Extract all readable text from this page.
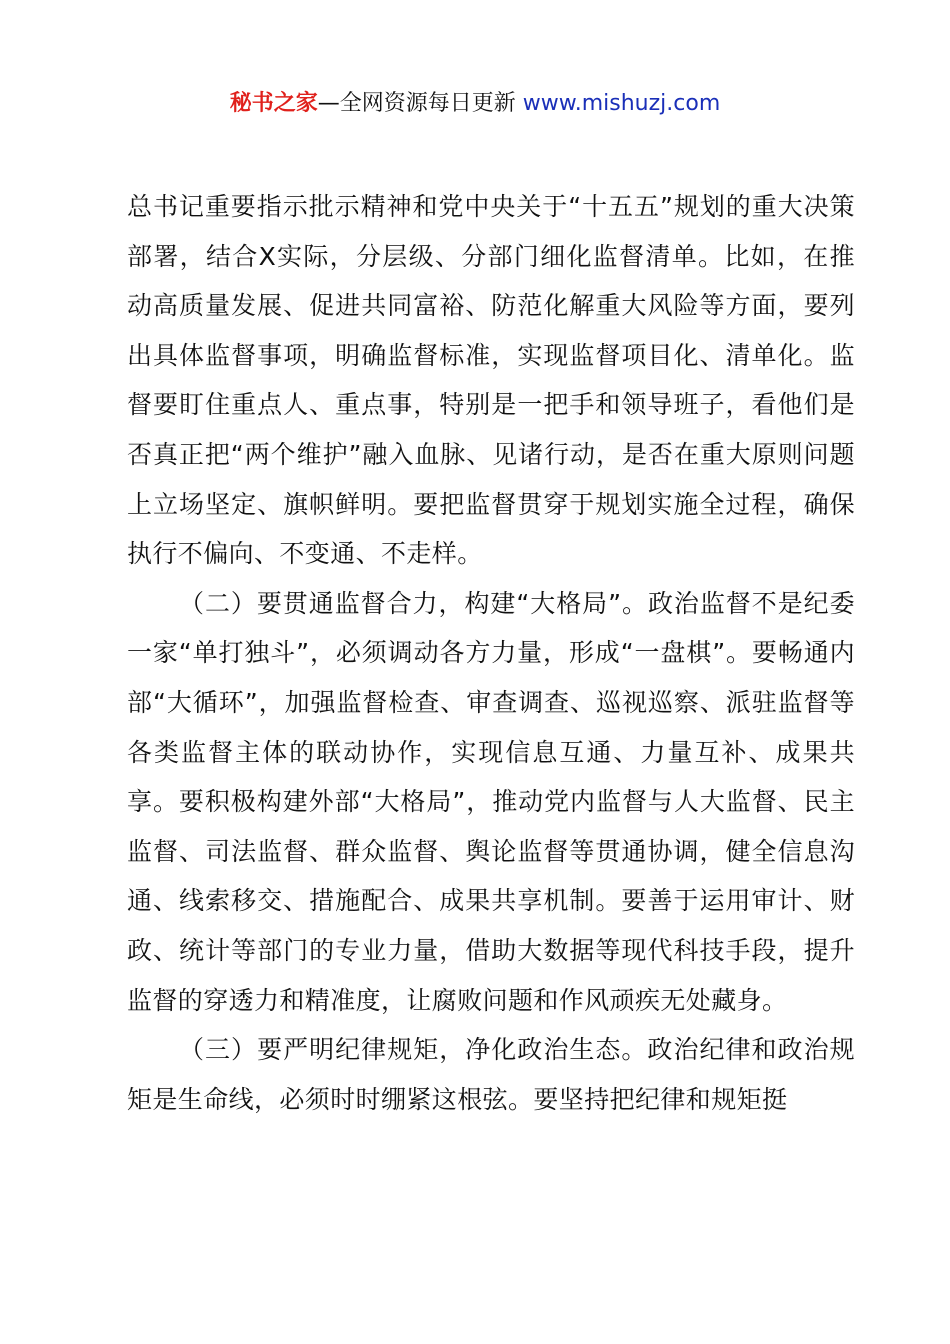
秘书之家—全网资源每日更新 www.mishuzj.com

总书记重要指示批示精神和党中央关于“十五五”规划的重大决策部署，结合X实际，分层级、分部门细化监督清单。比如，在推动高质量发展、促进共同富裕、防范化解重大风险等方面，要列出具体监督事项，明确监督标准，实现监督项目化、清单化。监督要盯住重点人、重点事，特别是一把手和领导班子，看他们是否真正把“两个维护”融入血脉、见诸行动，是否在重大原则问题上立场坚定、旗帜鲜明。要把监督贯穿于规划实施全过程，确保执行不偏向、不变通、不走样。

（二）要贯通监督合力，构建“大格局”。政治监督不是纪委一家“单打独斗”，必须调动各方力量，形成“一盘棋”。要畅通内部“大循环”，加强监督检查、审查调查、巡视巡察、派驻监督等各类监督主体的联动协作，实现信息互通、力量互补、成果共享。要积极构建外部“大格局”，推动党内监督与人大监督、民主监督、司法监督、群众监督、舆论监督等贯通协调，健全信息沟通、线索移交、措施配合、成果共享机制。要善于运用审计、财政、统计等部门的专业力量，借助大数据等现代科技手段，提升监督的穿透力和精准度，让腐败问题和作风顽疾无处藏身。

（三）要严明纪律规矩，净化政治生态。政治纪律和政治规矩是生命线，必须时时绷紧这根弦。要坚持把纪律和规矩挺
